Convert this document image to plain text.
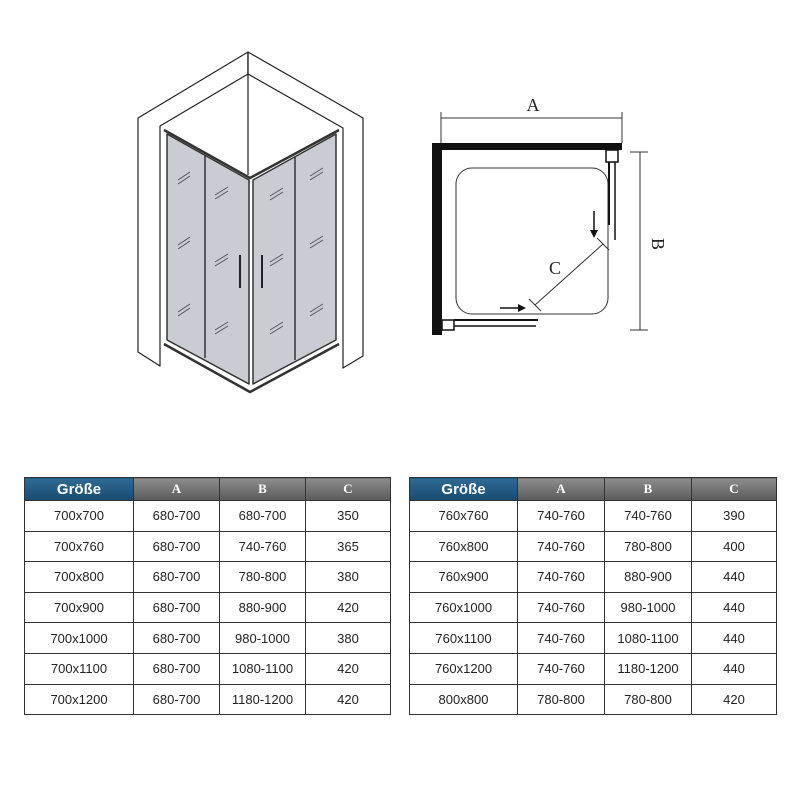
A
B
C
Größe	A	B	C
700x700	680-700	680-700	350
700x760	680-700	740-760	365
700x800	680-700	780-800	380
700x900	680-700	880-900	420
700x1000	680-700	980-1000	380
700x1100	680-700	1080-1100	420
700x1200	680-700	1180-1200	420
Größe	A	B	C
760x760	740-760	740-760	390
760x800	740-760	780-800	400
760x900	740-760	880-900	440
760x1000	740-760	980-1000	440
760x1100	740-760	1080-1100	440
760x1200	740-760	1180-1200	440
800x800	780-800	780-800	420
